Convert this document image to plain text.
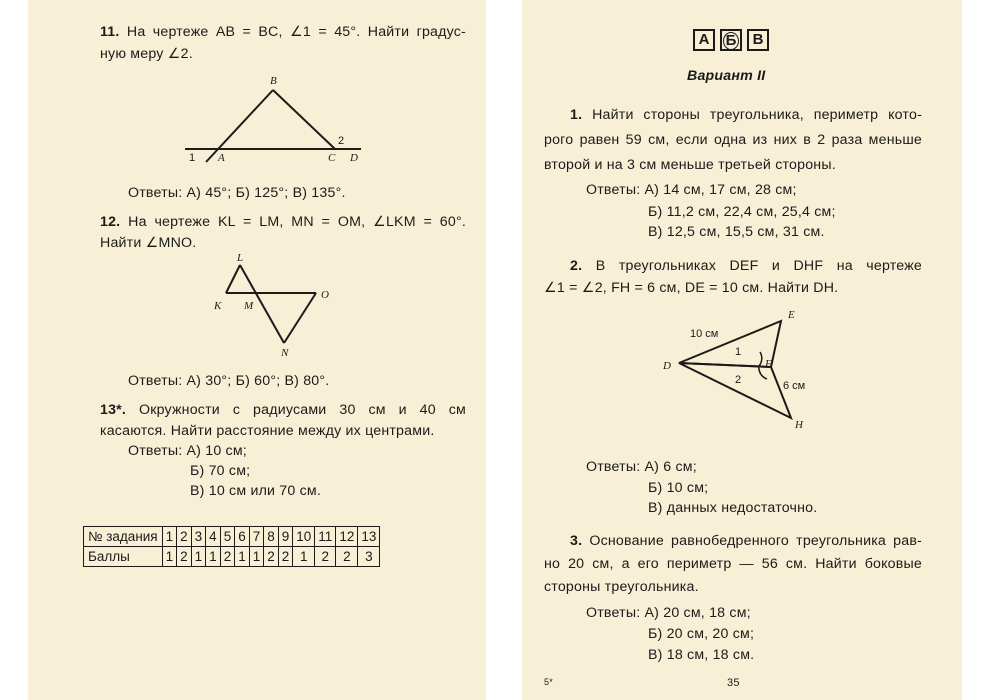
11. На чертеже AB = BC, ∠1 = 45°. Найти градус-
ную меру ∠2.
B
1 A	C D
2
Ответы: А) 45°; Б) 125°; В) 135°.
12. На чертеже KL = LM, MN = OM, ∠LKM = 60°.
Найти ∠MNO.
L
K M
O
N
Ответы: А) 30°; Б) 60°; В) 80°.
13*. Окружности с радиусами 30 см и 40 см
касаются. Найти расстояние между их центрами.
Ответы: А) 10 см;
Б) 70 см;
В) 10 см или 70 см.
№ задания	1	2	3	4	5	6	7	8	9	10	11	12	13
Баллы	1	2	1	1	2	1	1	2	2	1	2	2	3
А	Б	В
Вариант II
1. Найти стороны треугольника, периметр кото-
рого равен 59 см, если одна из них в 2 раза меньше
второй и на 3 см меньше третьей стороны.
Ответы: А) 14 см, 17 см, 28 см;
Б) 11,2 см, 22,4 см, 25,4 см;
В) 12,5 см, 15,5 см, 31 см.
2. В треугольниках DEF и DHF на чертеже
∠1 = ∠2, FH = 6 см, DE = 10 см. Найти DH.
E
D	F
H
1
2
10 см
6 см
Ответы: А) 6 см;
Б) 10 см;
В) данных недостаточно.
3. Основание равнобедренного треугольника рав-
но 20 см, а его периметр — 56 см. Найти боковые
стороны треугольника.
Ответы: А) 20 см, 18 см;
Б) 20 см, 20 см;
В) 18 см, 18 см.
5*	35
